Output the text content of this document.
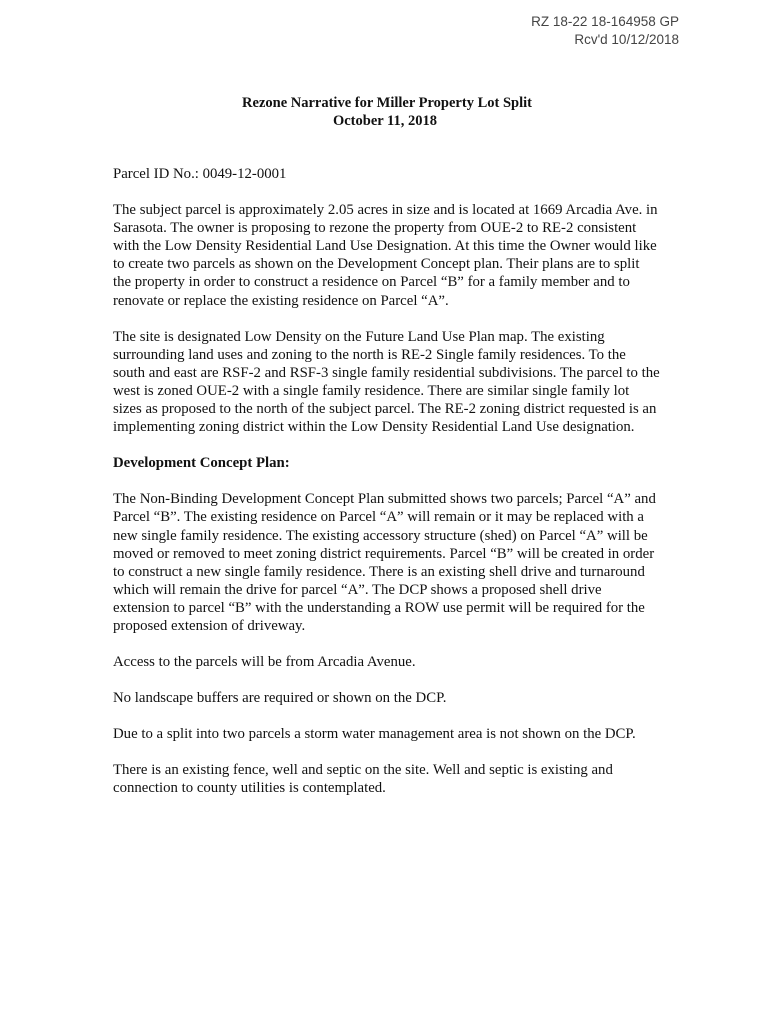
RZ 18-22 18-164958 GP
Rcv'd 10/12/2018
Rezone Narrative for Miller Property Lot Split
October 11, 2018

Parcel ID No.: 0049-12-0001

The subject parcel is approximately 2.05 acres in size and is located at 1669 Arcadia Ave. in Sarasota. The owner is proposing to rezone the property from OUE-2 to RE-2 consistent with the Low Density Residential Land Use Designation. At this time the Owner would like to create two parcels as shown on the Development Concept plan. Their plans are to split the property in order to construct a residence on Parcel “B” for a family member and to renovate or replace the existing residence on Parcel “A”.

The site is designated Low Density on the Future Land Use Plan map. The existing surrounding land uses and zoning to the north is RE-2 Single family residences. To the south and east are RSF-2 and RSF-3 single family residential subdivisions. The parcel to the west is zoned OUE-2 with a single family residence. There are similar single family lot sizes as proposed to the north of the subject parcel. The RE-2 zoning district requested is an implementing zoning district within the Low Density Residential Land Use designation.

Development Concept Plan:

The Non-Binding Development Concept Plan submitted shows two parcels; Parcel “A” and Parcel “B”. The existing residence on Parcel “A” will remain or it may be replaced with a new single family residence. The existing accessory structure (shed) on Parcel “A” will be moved or removed to meet zoning district requirements. Parcel “B” will be created in order to construct a new single family residence. There is an existing shell drive and turnaround which will remain the drive for parcel “A”. The DCP shows a proposed shell drive extension to parcel “B” with the understanding a ROW use permit will be required for the proposed extension of driveway.

Access to the parcels will be from Arcadia Avenue.

No landscape buffers are required or shown on the DCP.

Due to a split into two parcels a storm water management area is not shown on the DCP.

There is an existing fence, well and septic on the site. Well and septic is existing and connection to county utilities is contemplated.
